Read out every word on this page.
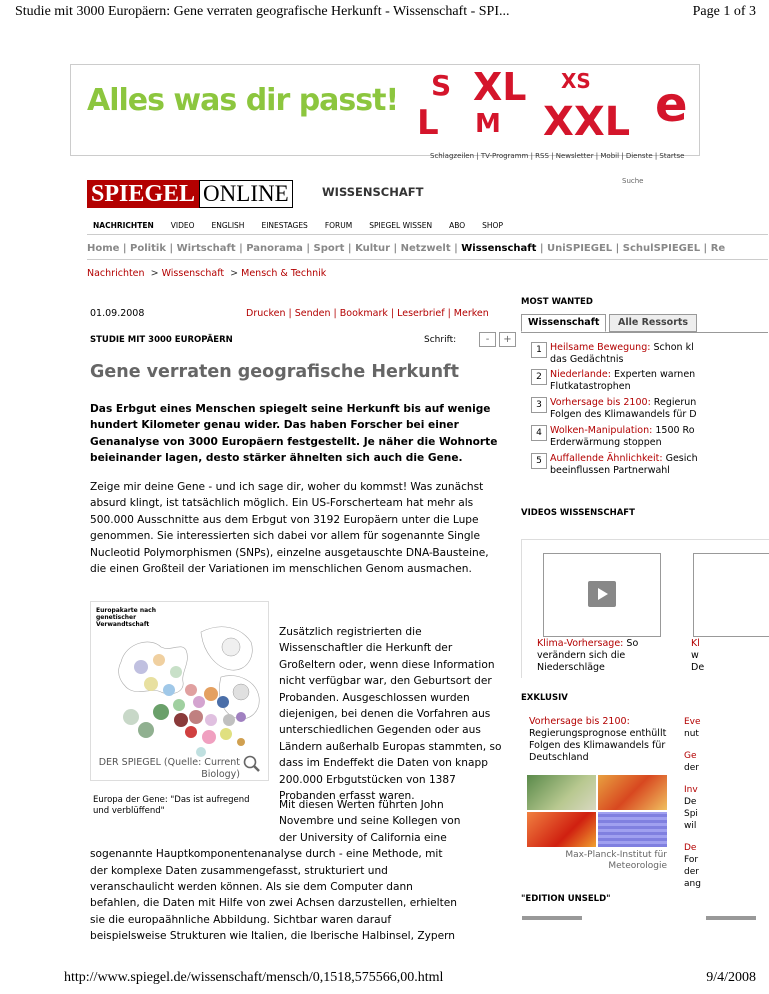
Studie mit 3000 Europäern: Gene verraten geografische Herkunft - Wissenschaft - SPI...	Page 1 of 3
Alles was dir passt! S XL XS
L M XXL e
Schlagzeilen | TV-Programm | RSS | Newsletter | Mobil | Dienste | Startse
Suche
SPIEGEL ONLINE	WISSENSCHAFT
NACHRICHTEN VIDEO ENGLISH EINESTAGES FORUM SPIEGEL WISSEN ABO SHOP
Home | Politik | Wirtschaft | Panorama | Sport | Kultur | Netzwelt | Wissenschaft | UniSPIEGEL | SchulSPIEGEL | Re
Nachrichten  > Wissenschaft  > Mensch & Technik
01.09.2008	Drucken | Senden | Bookmark | Leserbrief | Merken
STUDIE MIT 3000 EUROPÄERN	Schrift:	- +
Gene verraten geografische Herkunft
Das Erbgut eines Menschen spiegelt seine Herkunft bis auf wenige hundert Kilometer genau wider. Das haben Forscher bei einer Genanalyse von 3000 Europäern festgestellt. Je näher die Wohnorte beieinander lagen, desto stärker ähnelten sich auch die Gene.
Zeige mir deine Gene - und ich sage dir, woher du kommst! Was zunächst absurd klingt, ist tatsächlich möglich. Ein US-Forscherteam hat mehr als 500.000 Ausschnitte aus dem Erbgut von 3192 Europäern unter die Lupe genommen. Sie interessierten sich dabei vor allem für sogenannte Single Nucleotid Polymorphismen (SNPs), einzelne ausgetauschte DNA-Bausteine, die einen Großteil der Variationen im menschlichen Genom ausmachen.
Europakarte nach genetischer Verwandtschaft
DER SPIEGEL (Quelle: Current Biology)
Europa der Gene: "Das ist aufregend und verblüffend"
Zusätzlich registrierten die Wissenschaftler die Herkunft der Großeltern oder, wenn diese Information nicht verfügbar war, den Geburtsort der Probanden. Ausgeschlossen wurden diejenigen, bei denen die Vorfahren aus unterschiedlichen Gegenden oder aus Ländern außerhalb Europas stammten, so dass im Endeffekt die Daten von knapp 200.000 Erbgutstücken von 1387 Probanden erfasst waren.
Mit diesen Werten führten John
Novembre und seine Kollegen von
der University of California eine
sogenannte Hauptkomponentenanalyse durch - eine Methode, mit
der komplexe Daten zusammengefasst, strukturiert und
veranschaulicht werden können. Als sie dem Computer dann
befahlen, die Daten mit Hilfe von zwei Achsen darzustellen, erhielten
sie die europaähnliche Abbildung. Sichtbar waren darauf
beispielsweise Strukturen wie Italien, die Iberische Halbinsel, Zypern
MOST WANTED
Wissenschaft	Alle Ressorts
1 Heilsame Bewegung: Schon kl
das Gedächtnis
2 Niederlande: Experten warnen
Flutkatastrophen
3 Vorhersage bis 2100: Regierun
Folgen des Klimawandels für D
4 Wolken-Manipulation: 1500 Ro
Erderwärmung stoppen
5 Auffallende Ähnlichkeit: Gesich
beeinflussen Partnerwahl
VIDEOS WISSENSCHAFT
Klima-Vorhersage: So verändern sich die Niederschläge
Kl
w
De
EXKLUSIV
Vorhersage bis 2100:
Regierungsprognose enthüllt Folgen des Klimawandels für Deutschland
Max-Planck-Institut für Meteorologie
Eve
nut
Ge
der
Inv
De
Spi
wil
De
For
der
ang
"EDITION UNSELD"
http://www.spiegel.de/wissenschaft/mensch/0,1518,575566,00.html	9/4/2008
